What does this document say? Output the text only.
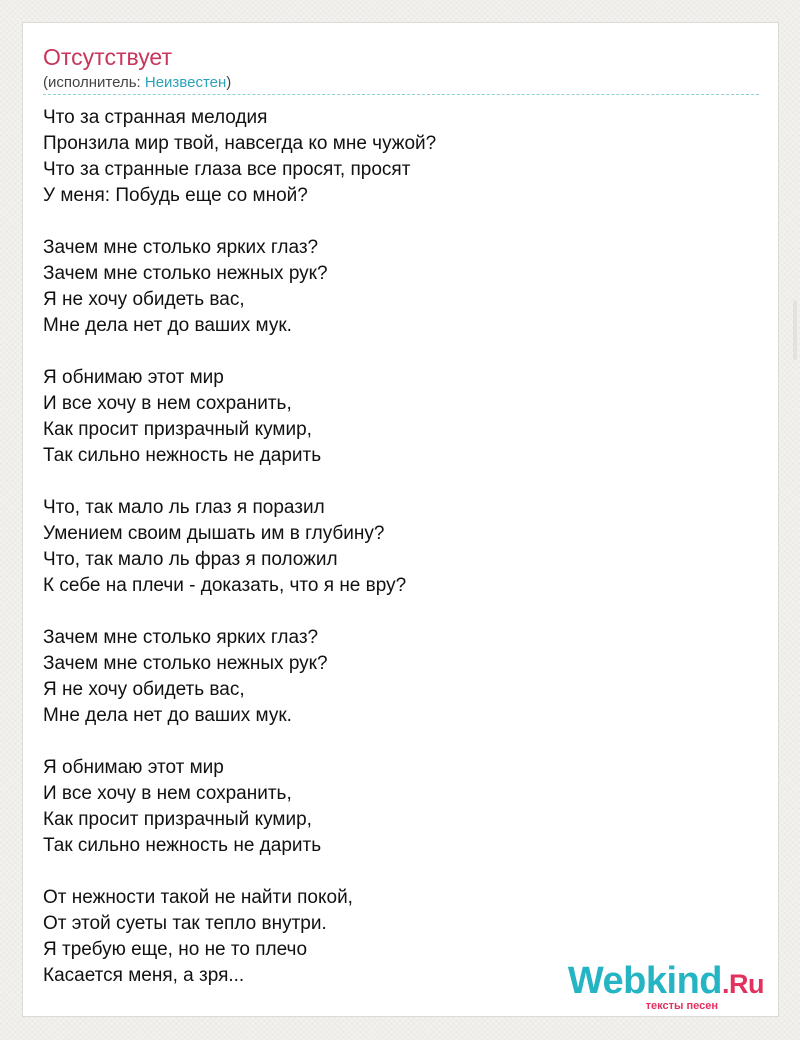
Отсутствует
(исполнитель: Неизвестен)
Что за странная мелодия
Пронзила мир твой, навсегда ко мне чужой?
Что за странные глаза все просят, просят
У меня: Побудь еще со мной?
Зачем мне столько ярких глаз?
Зачем мне столько нежных рук?
Я не хочу обидеть вас,
Мне дела нет до ваших мук.
Я обнимаю этот мир
И все хочу в нем сохранить,
Как просит призрачный кумир,
Так сильно нежность не дарить
Что, так мало ль глаз я поразил
Умением своим дышать им в глубину?
Что, так мало ль фраз я положил
К себе на плечи - доказать, что я не вру?
Зачем мне столько ярких глаз?
Зачем мне столько нежных рук?
Я не хочу обидеть вас,
Мне дела нет до ваших мук.
Я обнимаю этот мир
И все хочу в нем сохранить,
Как просит призрачный кумир,
Так сильно нежность не дарить
От нежности такой не найти покой,
От этой суеты так тепло внутри.
Я требую еще, но не то плечо
Касается меня, а зря...	Webkind.Ru
тексты песен
